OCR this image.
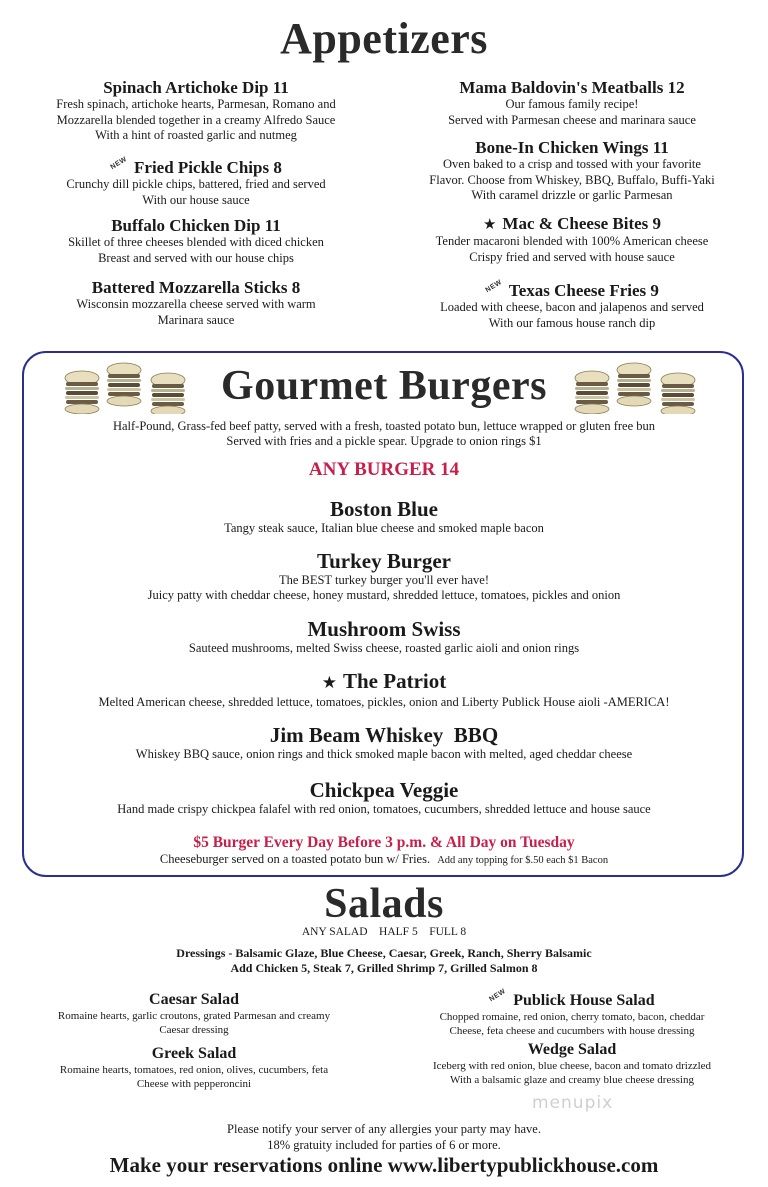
Appetizers
Spinach Artichoke Dip 11
Fresh spinach, artichoke hearts, Parmesan, Romano and
Mozzarella blended together in a creamy Alfredo Sauce
With a hint of roasted garlic and nutmeg
NEW Fried Pickle Chips 8
Crunchy dill pickle chips, battered, fried and served
With our house sauce
Buffalo Chicken Dip 11
Skillet of three cheeses blended with diced chicken
Breast and served with our house chips
Battered Mozzarella Sticks 8
Wisconsin mozzarella cheese served with warm
Marinara sauce
Mama Baldovin's Meatballs 12
Our famous family recipe!
Served with Parmesan cheese and marinara sauce
Bone-In Chicken Wings 11
Oven baked to a crisp and tossed with your favorite
Flavor. Choose from Whiskey, BBQ, Buffalo, Buffi-Yaki
With caramel drizzle or garlic Parmesan
★ Mac & Cheese Bites 9
Tender macaroni blended with 100% American cheese
Crispy fried and served with house sauce
NEW Texas Cheese Fries 9
Loaded with cheese, bacon and jalapenos and served
With our famous house ranch dip
Gourmet Burgers
Half-Pound, Grass-fed beef patty, served with a fresh, toasted potato bun, lettuce wrapped or gluten free bun
Served with fries and a pickle spear. Upgrade to onion rings $1
ANY BURGER 14
Boston Blue
Tangy steak sauce, Italian blue cheese and smoked maple bacon
Turkey Burger
The BEST turkey burger you'll ever have!
Juicy patty with cheddar cheese, honey mustard, shredded lettuce, tomatoes, pickles and onion
Mushroom Swiss
Sauteed mushrooms, melted Swiss cheese, roasted garlic aioli and onion rings
★ The Patriot
Melted American cheese, shredded lettuce, tomatoes, pickles, onion and Liberty Publick House aioli -AMERICA!
Jim Beam Whiskey  BBQ
Whiskey BBQ sauce, onion rings and thick smoked maple bacon with melted, aged cheddar cheese
Chickpea Veggie
Hand made crispy chickpea falafel with red onion, tomatoes, cucumbers, shredded lettuce and house sauce
$5 Burger Every Day Before 3 p.m. & All Day on Tuesday
Cheeseburger served on a toasted potato bun w/ Fries. Add any topping for $.50 each $1 Bacon
Salads
ANY SALAD    HALF 5    FULL 8
Dressings - Balsamic Glaze, Blue Cheese, Caesar, Greek, Ranch, Sherry Balsamic
Add Chicken 5, Steak 7, Grilled Shrimp 7, Grilled Salmon 8
Caesar Salad
Romaine hearts, garlic croutons, grated Parmesan and creamy
Caesar dressing
Greek Salad
Romaine hearts, tomatoes, red onion, olives, cucumbers, feta
Cheese with pepperoncini
NEW Publick House Salad
Chopped romaine, red onion, cherry tomato, bacon, cheddar
Cheese, feta cheese and cucumbers with house dressing
Wedge Salad
Iceberg with red onion, blue cheese, bacon and tomato drizzled
With a balsamic glaze and creamy blue cheese dressing
menupix
Please notify your server of any allergies your party may have.
18% gratuity included for parties of 6 or more.
Make your reservations online www.libertypublickhouse.com
